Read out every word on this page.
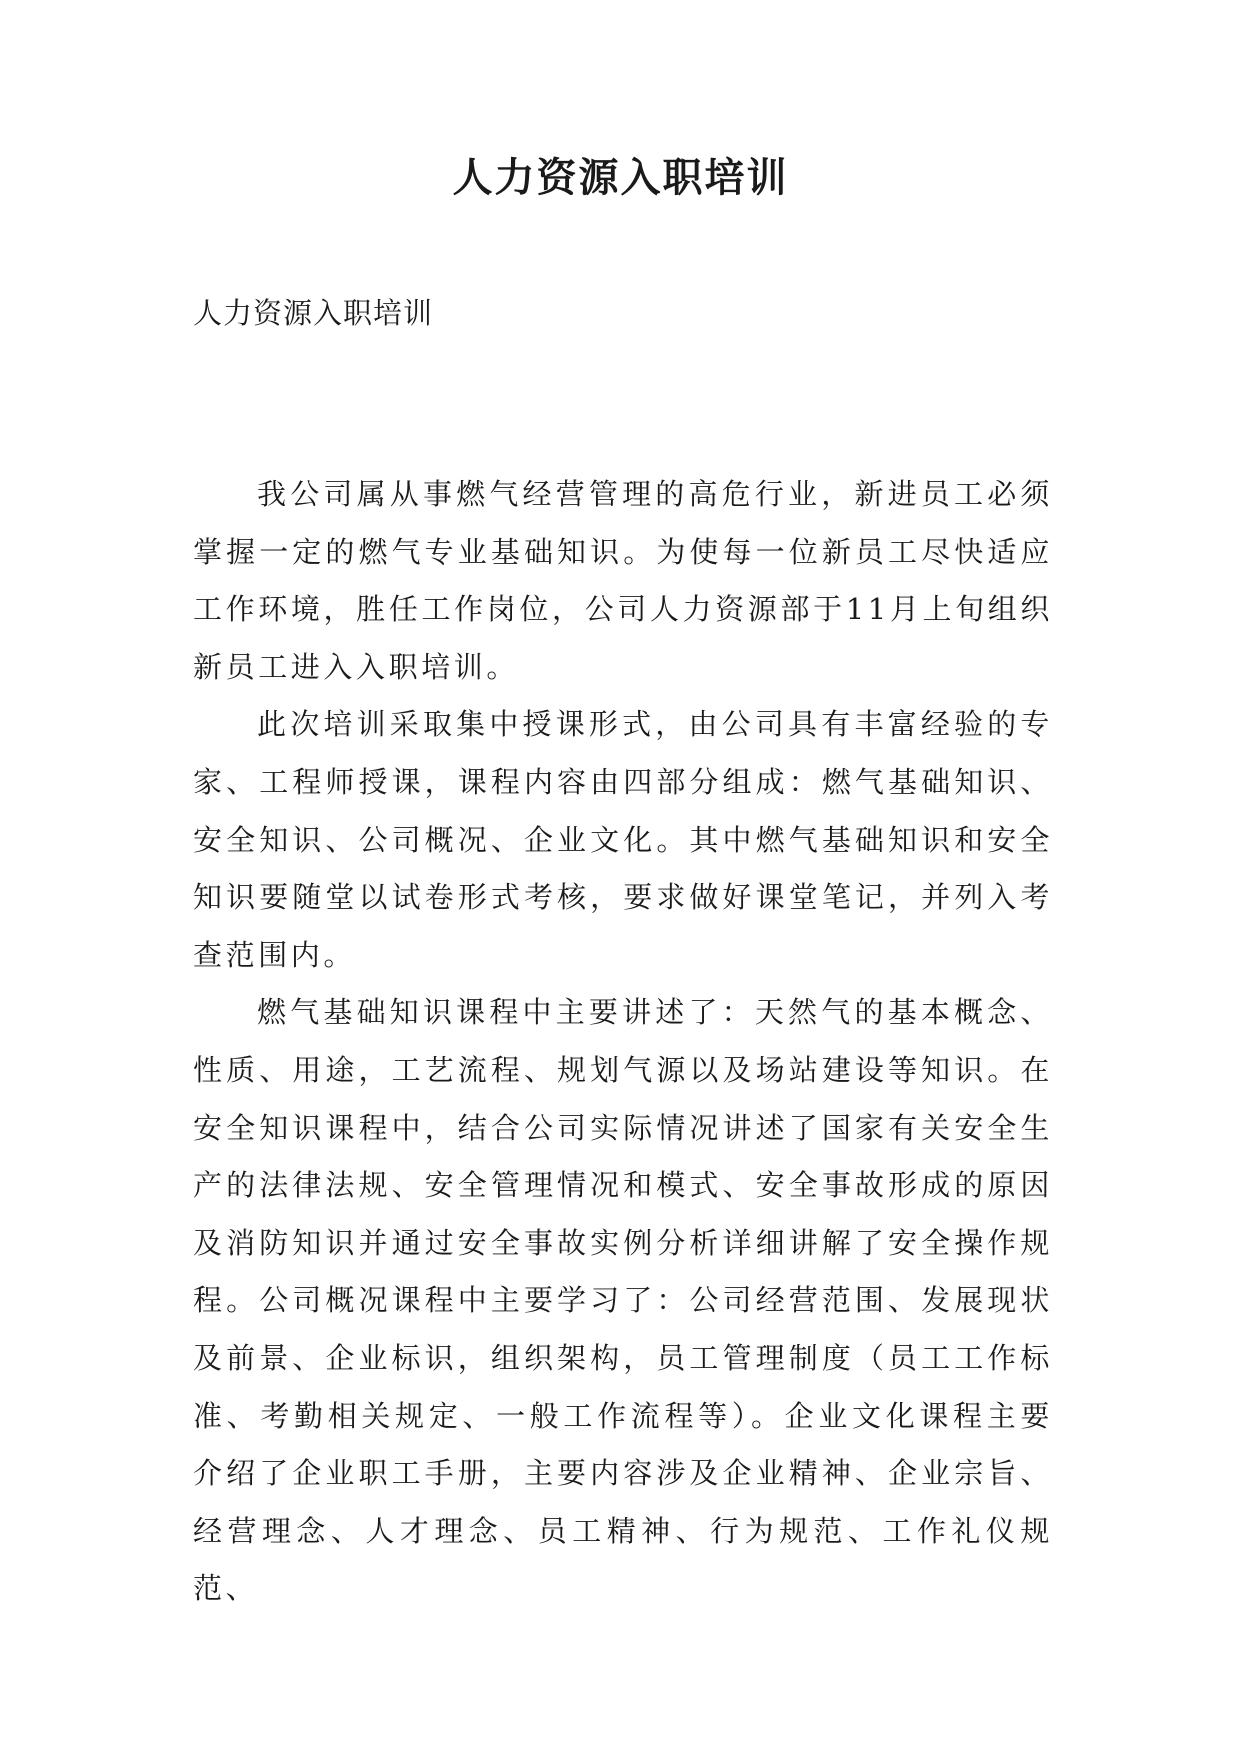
人力资源入职培训
人力资源入职培训

我公司属从事燃气经营管理的高危行业，新进员工必须掌握一定的燃气专业基础知识。为使每一位新员工尽快适应工作环境，胜任工作岗位，公司人力资源部于11月上旬组织新员工进入入职培训。

此次培训采取集中授课形式，由公司具有丰富经验的专家、工程师授课，课程内容由四部分组成：燃气基础知识、安全知识、公司概况、企业文化。其中燃气基础知识和安全知识要随堂以试卷形式考核，要求做好课堂笔记，并列入考查范围内。

燃气基础知识课程中主要讲述了：天然气的基本概念、性质、用途，工艺流程、规划气源以及场站建设等知识。在安全知识课程中，结合公司实际情况讲述了国家有关安全生产的法律法规、安全管理情况和模式、安全事故形成的原因及消防知识并通过安全事故实例分析详细讲解了安全操作规程。公司概况课程中主要学习了：公司经营范围、发展现状及前景、企业标识，组织架构，员工管理制度（员工工作标准、考勤相关规定、一般工作流程等）。企业文化课程主要介绍了企业职工手册，主要内容涉及企业精神、企业宗旨、经营理念、人才理念、员工精神、行为规范、工作礼仪规范、
